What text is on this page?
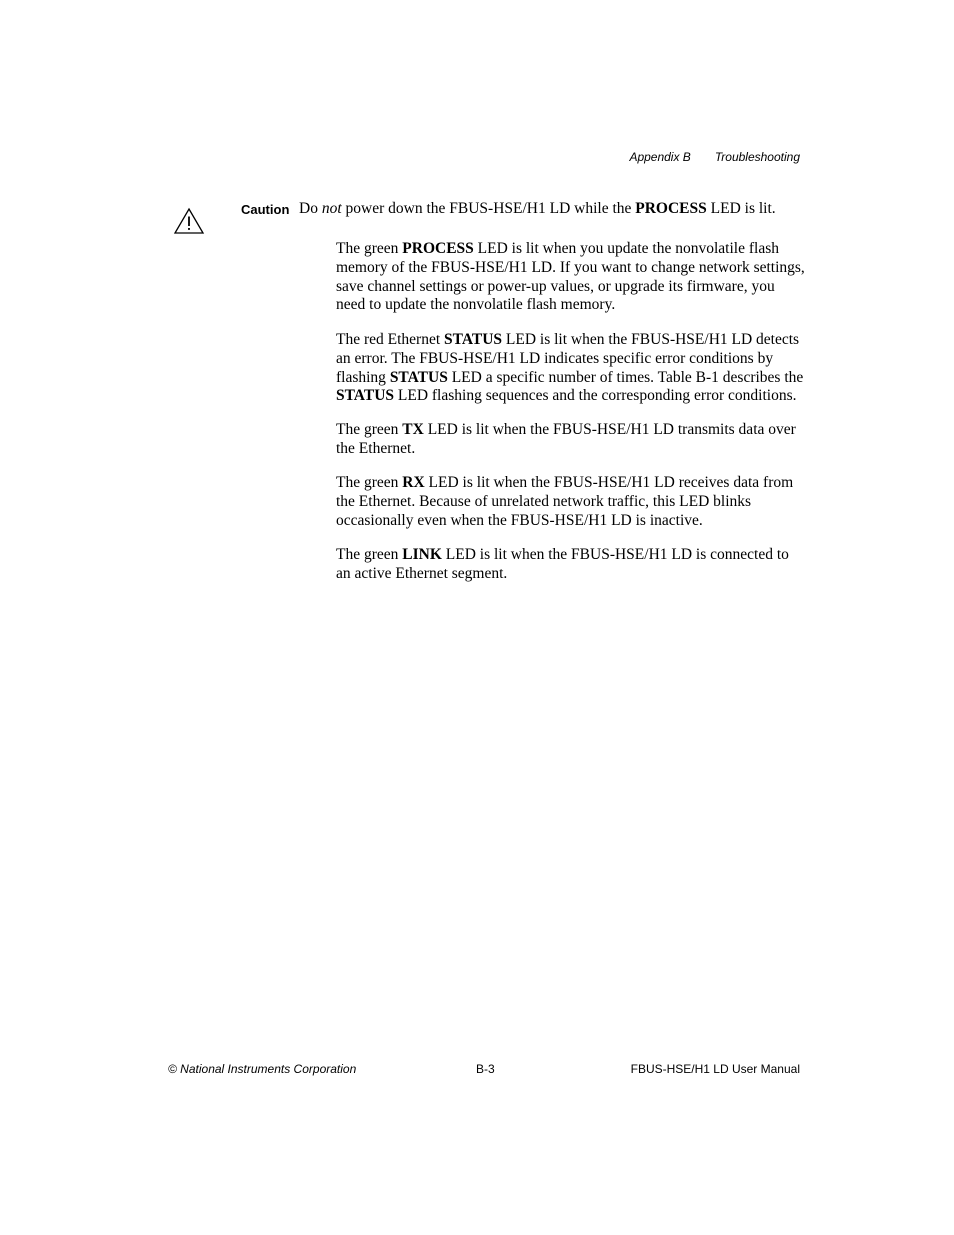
Appendix B Troubleshooting
Caution Do not power down the FBUS-HSE/H1 LD while the PROCESS LED is lit.

The green PROCESS LED is lit when you update the nonvolatile flash memory of the FBUS-HSE/H1 LD. If you want to change network settings, save channel settings or power-up values, or upgrade its firmware, you need to update the nonvolatile flash memory.

The red Ethernet STATUS LED is lit when the FBUS-HSE/H1 LD detects an error. The FBUS-HSE/H1 LD indicates specific error conditions by flashing STATUS LED a specific number of times. Table B-1 describes the STATUS LED flashing sequences and the corresponding error conditions.

The green TX LED is lit when the FBUS-HSE/H1 LD transmits data over the Ethernet.

The green RX LED is lit when the FBUS-HSE/H1 LD receives data from the Ethernet. Because of unrelated network traffic, this LED blinks occasionally even when the FBUS-HSE/H1 LD is inactive.

The green LINK LED is lit when the FBUS-HSE/H1 LD is connected to an active Ethernet segment.

© National Instruments Corporation	B-3	FBUS-HSE/H1 LD User Manual
